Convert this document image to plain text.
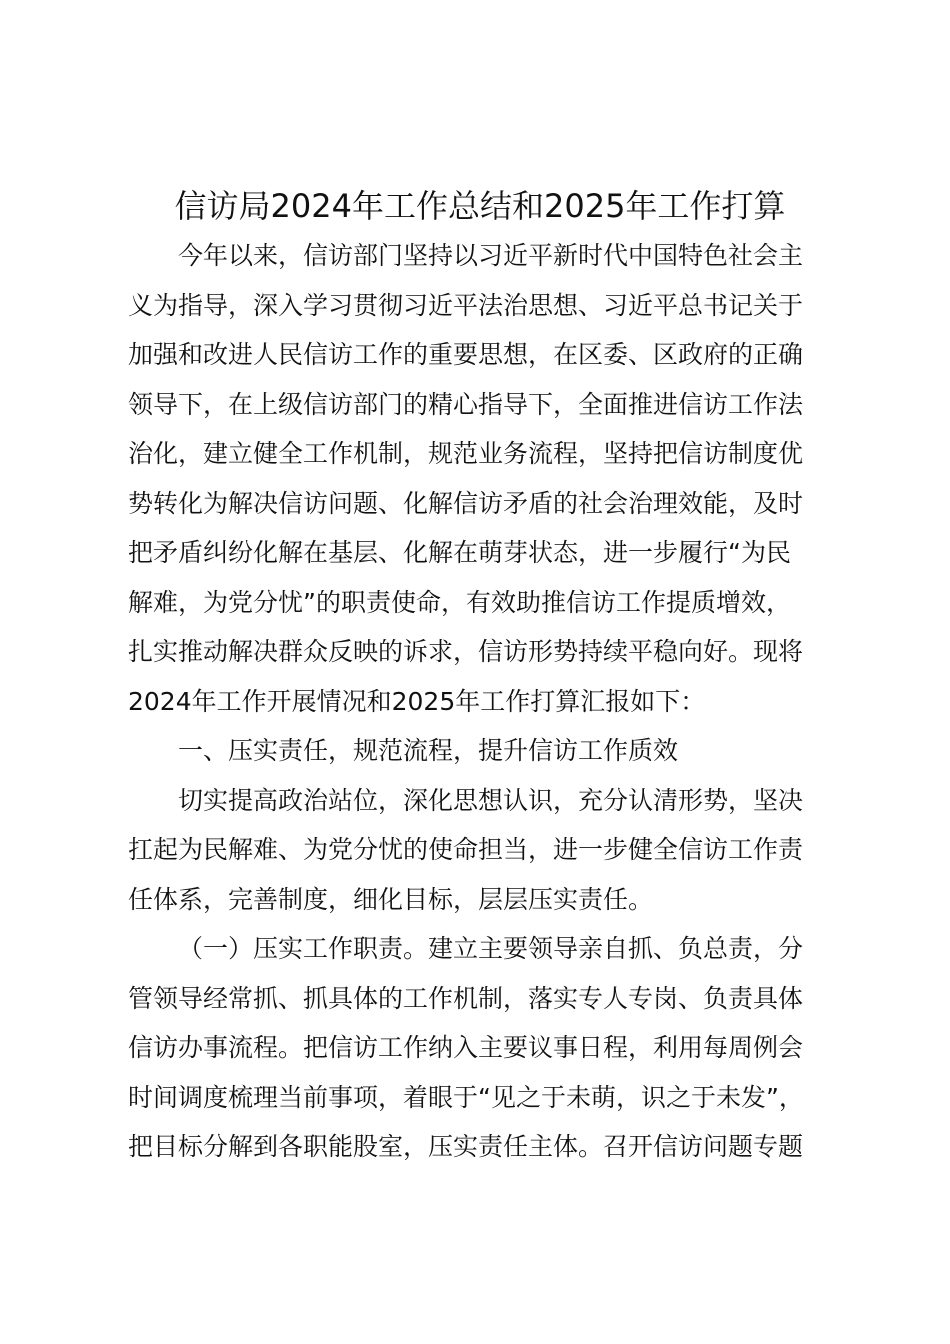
信访局2024年工作总结和2025年工作打算

今年以来，信访部门坚持以习近平新时代中国特色社会主

义为指导，深入学习贯彻习近平法治思想、习近平总书记关于

加强和改进人民信访工作的重要思想，在区委、区政府的正确

领导下，在上级信访部门的精心指导下，全面推进信访工作法

治化，建立健全工作机制，规范业务流程，坚持把信访制度优

势转化为解决信访问题、化解信访矛盾的社会治理效能，及时

把矛盾纠纷化解在基层、化解在萌芽状态，进一步履行“为民

解难，为党分忧”的职责使命，有效助推信访工作提质增效，

扎实推动解决群众反映的诉求，信访形势持续平稳向好。现将

2024年工作开展情况和2025年工作打算汇报如下：

一、压实责任，规范流程，提升信访工作质效

切实提高政治站位，深化思想认识，充分认清形势，坚决

扛起为民解难、为党分忧的使命担当，进一步健全信访工作责

任体系，完善制度，细化目标，层层压实责任。

（一）压实工作职责。建立主要领导亲自抓、负总责，分

管领导经常抓、抓具体的工作机制，落实专人专岗、负责具体

信访办事流程。把信访工作纳入主要议事日程，利用每周例会

时间调度梳理当前事项，着眼于“见之于未萌，识之于未发”，

把目标分解到各职能股室，压实责任主体。召开信访问题专题
